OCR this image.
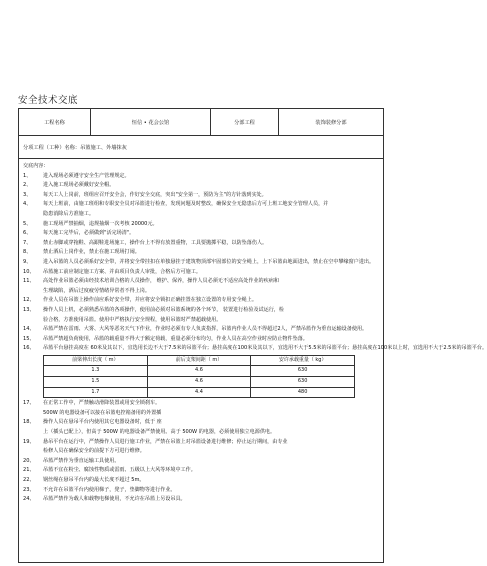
安全技术交底
工程名称	恒信 • 花会公馆	分部工程	装饰装修分部
分项工程（工种）名称：吊篮施工、外墙抹灰
交底内容：
1、	进入现场必须遵守安全生产管理规定。
2、	进入施工现场必须戴好安全帽。
3、	每天工人上岗前，班组应召开安全会，作好安全交底，突出"安全第一，预防为主"的方针落到实处。
4、	每天上班前，由施工班组和专职安全员对吊篮进行检查，发现问题及时整改，确保安全无隐患后方可上班工地安全管理人员，并
隐患消除后方准施工。
5、	施工现场严禁抽烟，违规抽烟一次考核 20000元。
6、	每天施工完毕后，必须做到"活完场清"。
7、	禁止赤脚或穿拖鞋、高跟鞋进场施工，操作台上不得有放置重物，工具要抛掷平稳，以防坠落伤人。
8、	禁止酒后上岗作业，禁止在施工现场打闹。
9、	进入吊篮的人员必须系好安全带，并将安全带挂扣在单独悬挂于建筑物顶部牢固部位的安全绳上，上下吊篮由地面进出，禁止在空中攀缘窗户进出。
10、	吊篮施工前应制定施工方案、并由项目负责人审批，合格后方可施工。
11、	高处作业吊篮必须由经技术培训合格的人员操作， 维护、保养，操作人员必须无不适应高处作业的疾病和
生理缺陷，酒后过度疲劳情绪异常者不得上岗。
12、	作业人员在吊篮上操作前应系好安全带，并应将安全锁扣正确挂置在独立设置的专用安全绳上。
13、	操作人员上机，必须熟悉吊篮的各项操作，使用前必须对吊篮系统的各个环节， 装置进行检验及试运行，检
验合格，方准使用吊篮。使用中严格执行安全规程，使用吊篮时严禁超载使用。
14、	吊篮严禁在雷雨、大雾、大风等恶劣天气下作业，作业时必须有专人负责指挥，吊篮内作业人员不得超过2人，严禁吊篮作为垂直运输设备使用。
15、	吊篮严禁超负荷使用，吊篮的载重量不得大于额定荷载，重量必须分布均匀，作业人员在高空作业时应防止物件坠落。
16、	吊篮平台悬挂高度在 60米及其以下，宜选用长边不大于7.5米的吊篮平台；悬挂高度在100米及其以下，宜选用不大于5.5米的吊篮平台；悬挂高度在100米以上时，宜选用不大于2.5米的吊篮平台。
前梁伸出长度（ m）	前后支架间距（ m）	安许承载重量（ kg）
1.3	4.6	630
1.5	4.6	630
1.7	4.4	480
17、	在正常工作中，严禁触动滑降装置或用安全锁刹车。
500W 的电器设备可以接在吊篮电控箱备用的外置插
18、	操作人员在悬吊平台内使用其它电器设备时，低于 座
上（插头已配上），但高于 500W 的电器设备严禁使用。高于 500W 的电器，必须使用独立电源供电。
19、	悬吊平台在运行中，严禁操作人员进行施工作业，严禁在吊篮上对吊篮设备进行维修；停止运行期间，由专业
检修人员在确保安全的前提下方可进行维修。
20、	吊篮严禁作为垂直运输工具使用。
21、	吊篮不宜在粉尘、腐蚀性物质或雷雨、五级以上大风等环境中工作。
22、	钢丝绳在悬吊平台内的最大长度不超过 5m。
23、	不允许在吊篮平台内使用梯子，凳子，垫脚物等进行作业。
24、	吊篮严禁作为载人和载物电梯使用，不允许在吊篮上另设吊具。
